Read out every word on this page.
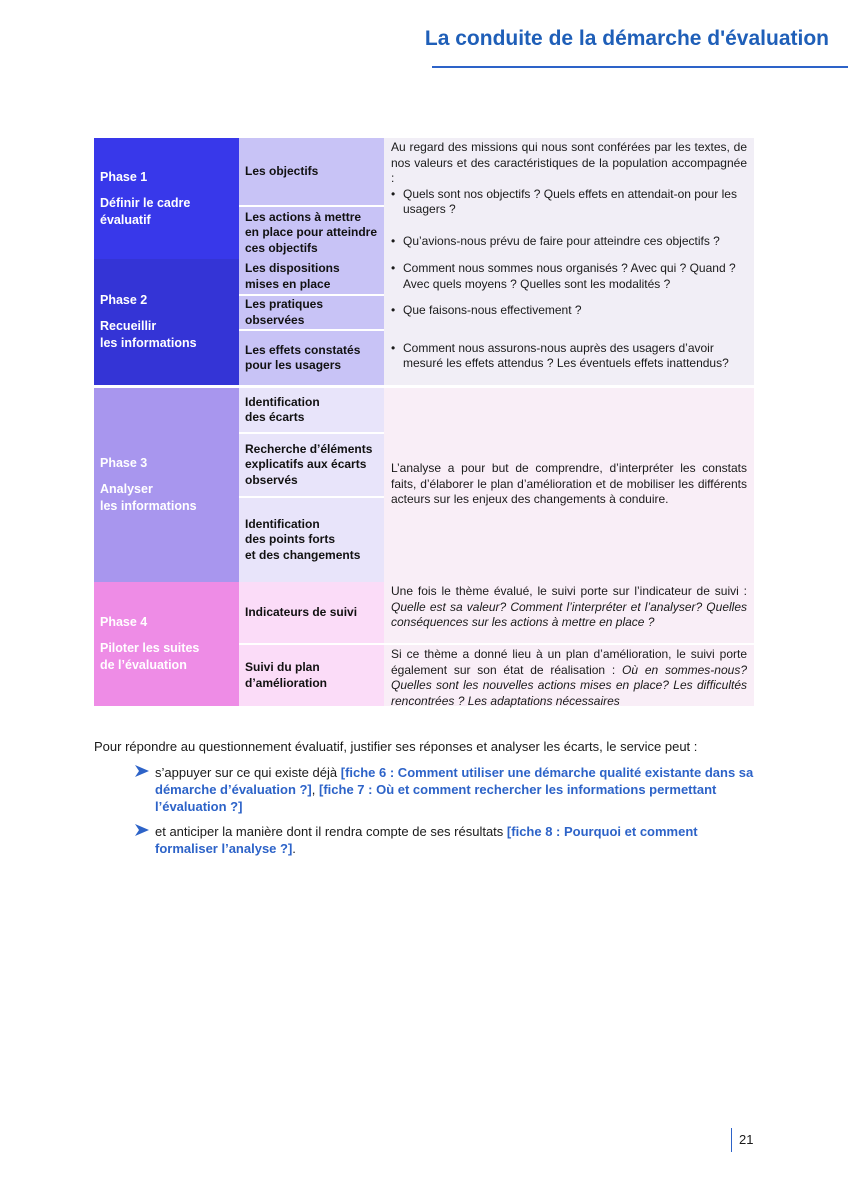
La conduite de la démarche d'évaluation
Phase 1
Définir le cadre
évaluatif
Phase 2
Recueillir
les informations
Phase 3
Analyser
les informations
Phase 4
Piloter les suites
de l’évaluation
Les objectifs
Les actions à mettre
en place pour atteindre
ces objectifs
Les dispositions
mises en place
Les pratiques
observées
Les effets constatés
pour les usagers
Identification
des écarts
Recherche d’éléments
explicatifs aux écarts
observés
Identification
des points forts
et des changements
Indicateurs de suivi
Suivi du plan
d’amélioration

Au regard des missions qui nous sont conférées par les textes, de nos valeurs et des caractéristiques de la population accompagnée :

• Quels sont nos objectifs ? Quels effets en attendait-on pour les usagers ?
• Qu’avions-nous prévu de faire pour atteindre ces objectifs ?
• Comment nous sommes nous organisés ? Avec qui ? Quand ? Avec quels moyens ? Quelles sont les modalités ?
• Que faisons-nous effectivement ?
• Comment nous assurons-nous auprès des usagers d’avoir mesuré les effets attendus ? Les éventuels effets inattendus?

L’analyse a pour but de comprendre, d’interpréter les constats faits, d’élaborer le plan d’amélioration et de mobiliser les différents acteurs sur les enjeux des changements à conduire.

Une fois le thème évalué, le suivi porte sur l’indicateur de suivi : Quelle est sa valeur? Comment l’interpréter et l’analyser? Quelles conséquences sur les actions à mettre en place ?

Si ce thème a donné lieu à un plan d’amélioration, le suivi porte également sur son état de réalisation : Où en sommes-nous? Quelles sont les nouvelles actions mises en place? Les difficultés rencontrées ? Les adaptations nécessaires

Pour répondre au questionnement évaluatif, justifier ses réponses et analyser les écarts, le service peut :
s’appuyer sur ce qui existe déjà [fiche 6 : Comment utiliser une démarche qualité existante dans sa démarche d’évaluation ?], [fiche 7 : Où et comment rechercher les informations permettant l’évaluation ?]
et anticiper la manière dont il rendra compte de ses résultats [fiche 8 : Pourquoi et comment formaliser l’analyse ?].
21
